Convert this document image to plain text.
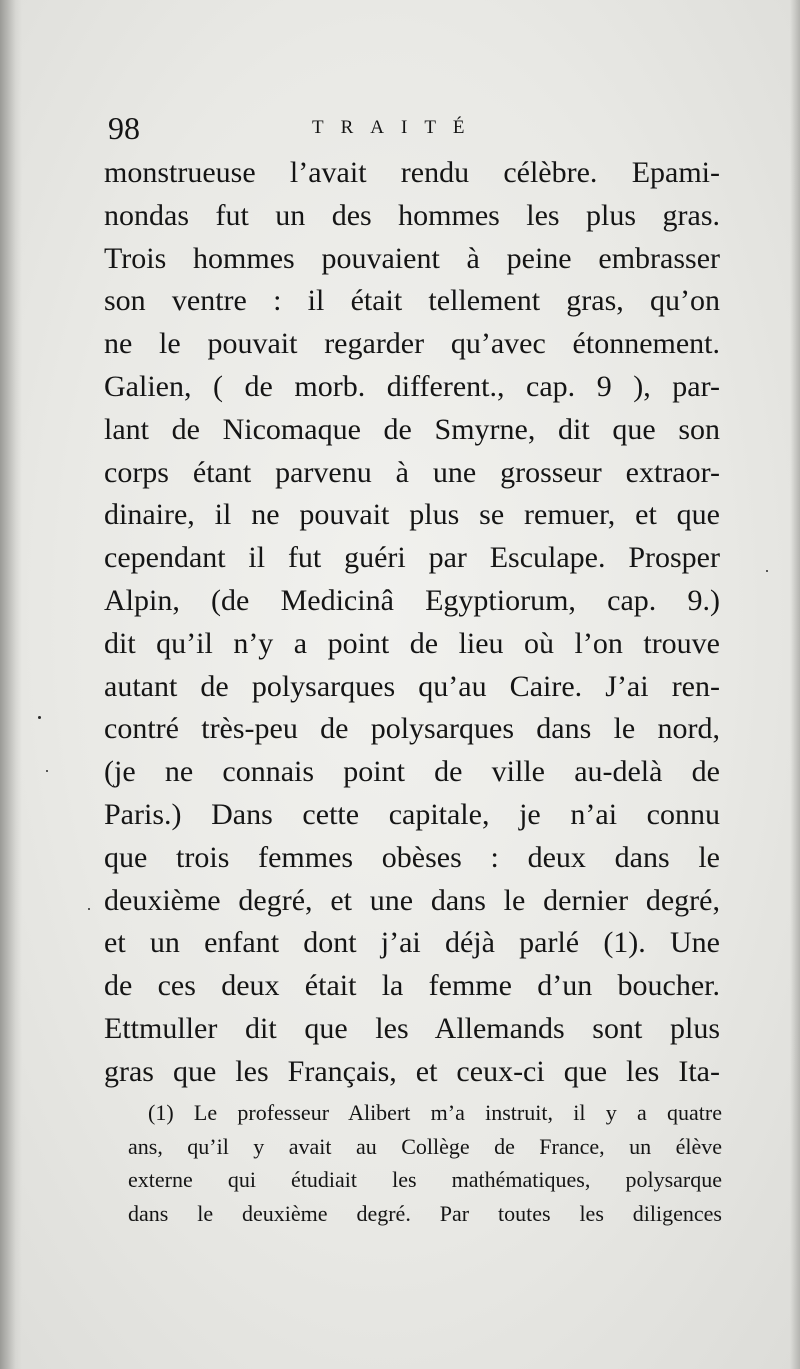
98	TRAITÉ
monstrueuse l’avait rendu célèbre. Epami-
nondas fut un des hommes les plus gras.
Trois hommes pouvaient à peine embrasser
son ventre : il était tellement gras, qu’on
ne le pouvait regarder qu’avec étonnement.
Galien, ( de morb. different., cap. 9 ), par-
lant de Nicomaque de Smyrne, dit que son
corps étant parvenu à une grosseur extraor-
dinaire, il ne pouvait plus se remuer, et que
cependant il fut guéri par Esculape. Prosper
Alpin, (de Medicinâ Egyptiorum, cap. 9.)
dit qu’il n’y a point de lieu où l’on trouve
autant de polysarques qu’au Caire. J’ai ren-
contré très-peu de polysarques dans le nord,
(je ne connais point de ville au-delà de
Paris.) Dans cette capitale, je n’ai connu
que trois femmes obèses : deux dans le
deuxième degré, et une dans le dernier degré,
et un enfant dont j’ai déjà parlé (1). Une
de ces deux était la femme d’un boucher.
Ettmuller dit que les Allemands sont plus
gras que les Français, et ceux-ci que les Ita-
(1) Le professeur Alibert m’a instruit, il y a quatre
ans, qu’il y avait au Collège de France, un élève
externe qui étudiait les mathématiques, polysarque
dans le deuxième degré. Par toutes les diligences
